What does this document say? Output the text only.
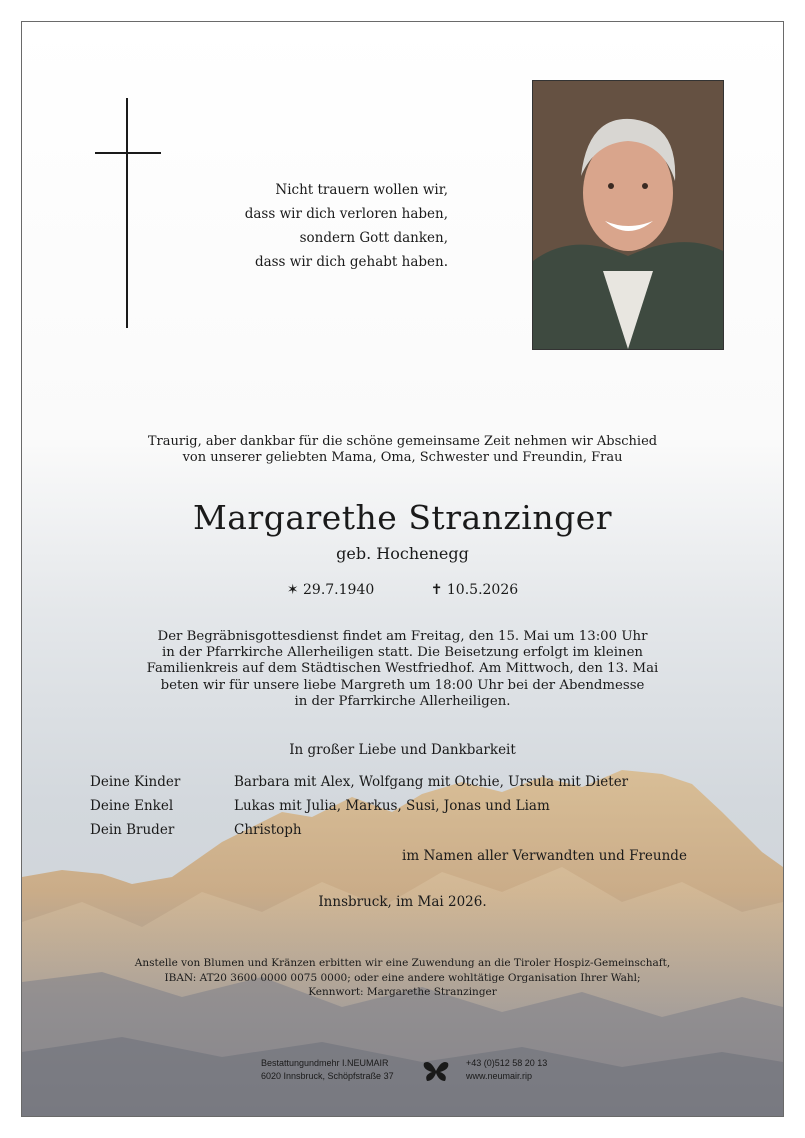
Nicht trauern wollen wir,
dass wir dich verloren haben,
sondern Gott danken,
dass wir dich gehabt haben.
Traurig, aber dankbar für die schöne gemeinsame Zeit nehmen wir Abschied
von unserer geliebten Mama, Oma, Schwester und Freundin, Frau
Margarethe Stranzinger
geb. Hochenegg
✶ 29.7.1940	✝ 10.5.2026
Der Begräbnisgottesdienst findet am Freitag, den 15. Mai um 13:00 Uhr
in der Pfarrkirche Allerheiligen statt. Die Beisetzung erfolgt im kleinen
Familienkreis auf dem Städtischen Westfriedhof. Am Mittwoch, den 13. Mai
beten wir für unsere liebe Margreth um 18:00 Uhr bei der Abendmesse
in der Pfarrkirche Allerheiligen.
In großer Liebe und Dankbarkeit
Deine Kinder	Barbara mit Alex, Wolfgang mit Otchie, Ursula mit Dieter
Deine Enkel	Lukas mit Julia, Markus, Susi, Jonas und Liam
Dein Bruder	Christoph
im Namen aller Verwandten und Freunde
Innsbruck, im Mai 2026.
Anstelle von Blumen und Kränzen erbitten wir eine Zuwendung an die Tiroler Hospiz-Gemeinschaft,
IBAN: AT20 3600 0000 0075 0000; oder eine andere wohltätige Organisation Ihrer Wahl;
Kennwort: Margarethe Stranzinger
Bestattungundmehr I.NEUMAIR
6020 Innsbruck, Schöpfstraße 37
+43 (0)512 58 20 13
www.neumair.rip
